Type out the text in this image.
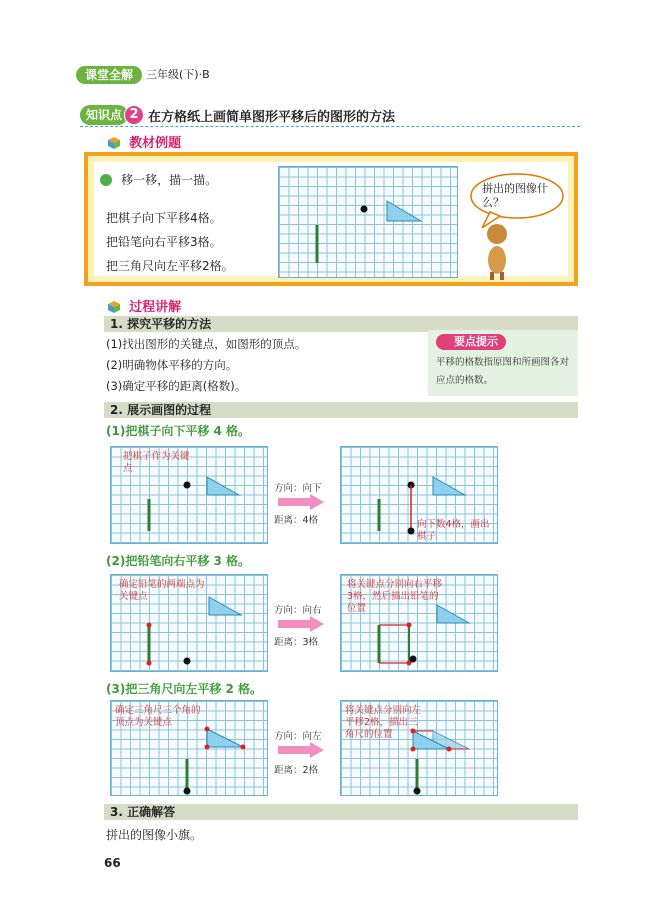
课堂全解	三年级(下)·B
知识点 2 在方格纸上画简单图形平移后的图形的方法
教材例题
移一移，描一描。
把棋子向下平移4格。
把铅笔向右平移3格。
把三角尺向左平移2格。
拼出的图像什么？
过程讲解
1. 探究平移的方法
(1)找出图形的关键点，如图形的顶点。
(2)明确物体平移的方向。
(3)确定平移的距离(格数)。
要点提示
平移的格数指原图和所画图各对应点的格数。
2. 展示画图的过程
(1)把棋子向下平移 4 格。
把棋子作为关键点
方向：向下
距离：4格	向下数4格，画出棋子
(2)把铅笔向右平移 3 格。
确定铅笔的两端点为关键点
方向：向右
距离：3格
将关键点分别向右平移3格，然后描出铅笔的位置
(3)把三角尺向左平移 2 格。
确定三角尺三个角的顶点为关键点
方向：向左
距离：2格
将关键点分别向左平移2格，描出三角尺的位置
3. 正确解答
拼出的图像小旗。
66
